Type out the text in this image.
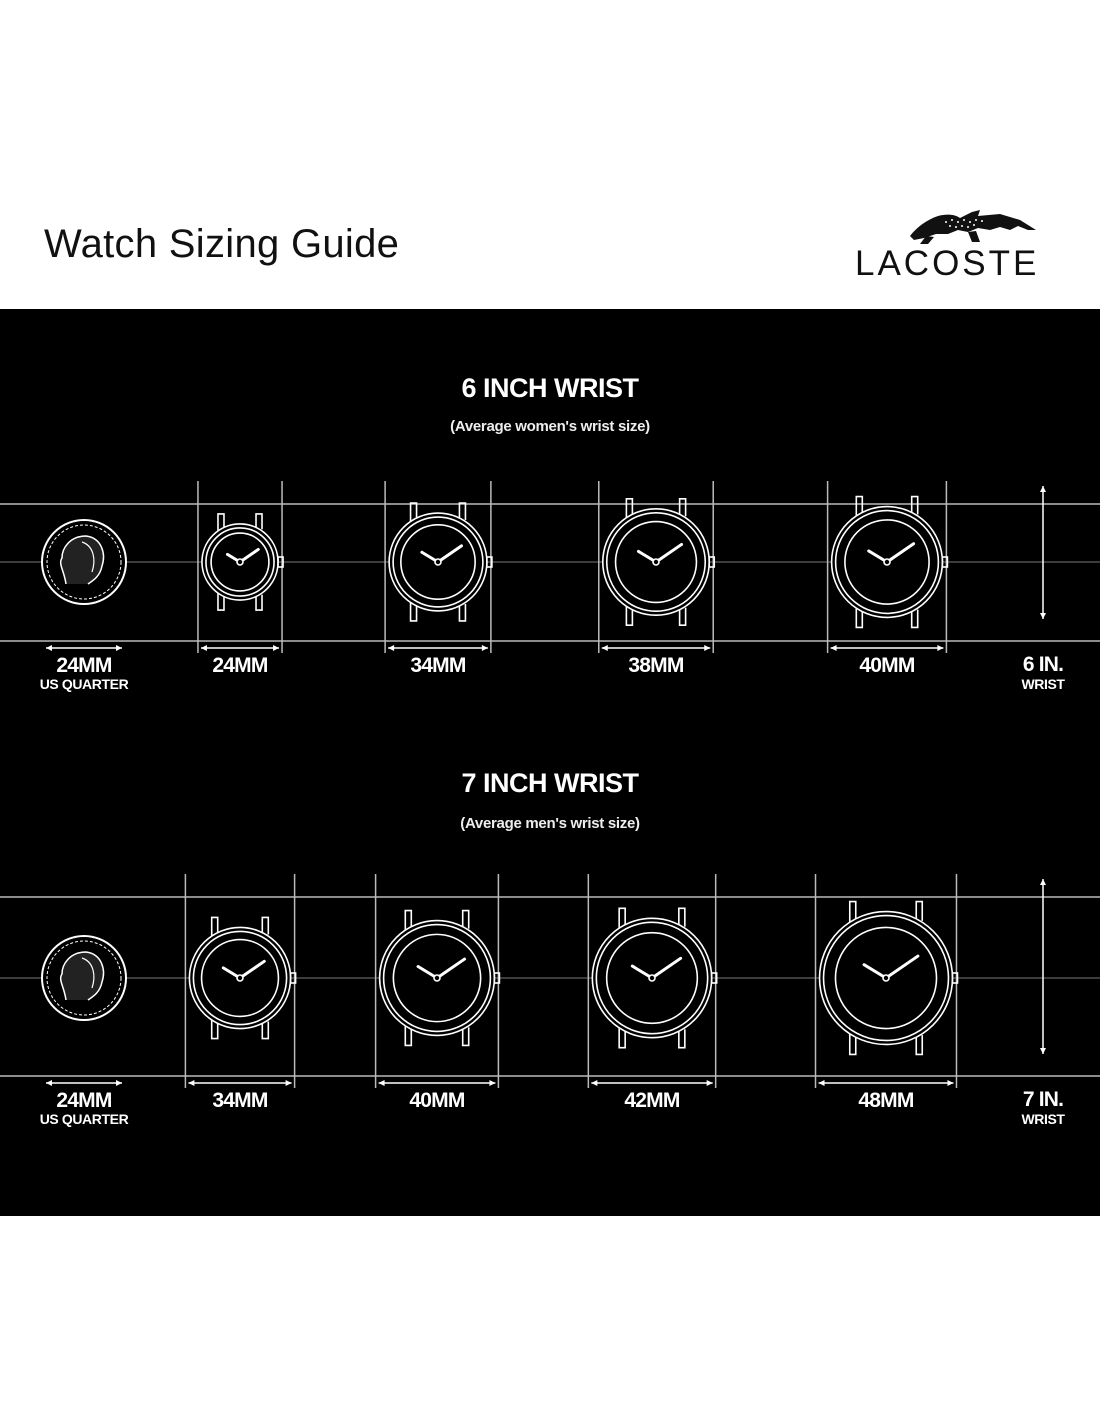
Watch Sizing Guide	LACOSTE
6 INCH WRIST
(Average women's wrist size)
24MM	34MM	38MM	40MM
24MM
US QUARTER
6 IN.
WRIST
7 INCH WRIST
(Average men's wrist size)
34MM	40MM	42MM	48MM
24MM
US QUARTER
7 IN.
WRIST
